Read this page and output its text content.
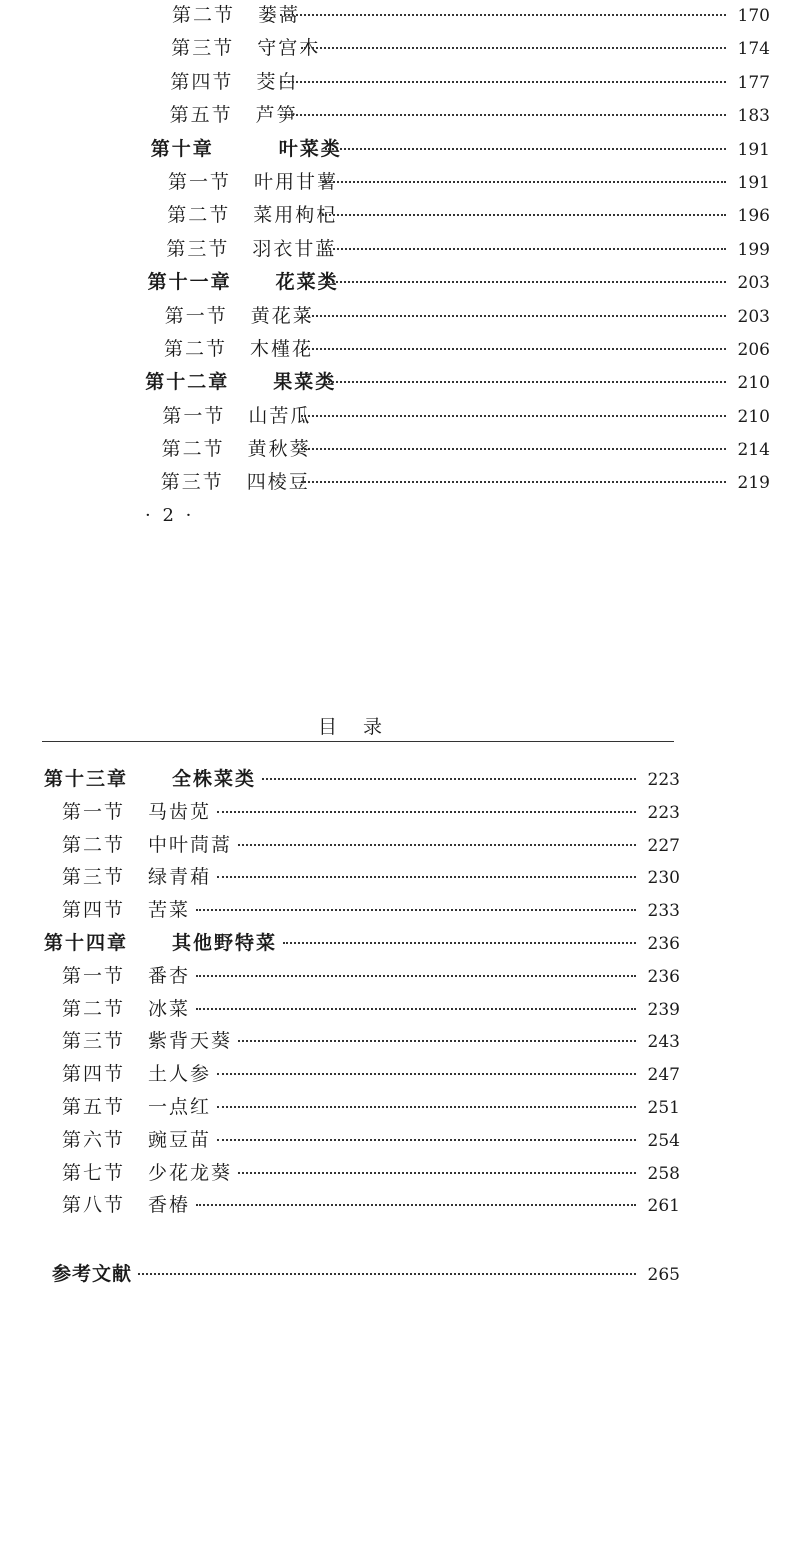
第二节 蒌蒿	170
第三节 守宫木	174
第四节 茭白	177
第五节 芦笋	183
第十章	叶菜类	191
第一节 叶用甘薯	191
第二节 菜用枸杞	196
第三节 羽衣甘蓝	199
第十一章 花菜类	203
第一节 黄花菜	203
第二节 木槿花	206
第十二章 果菜类	210
第一节 山苦瓜	210
第二节 黄秋葵	214
第三节 四棱豆	219
· 2 ·
目录
第十三章 全株菜类	223
第一节 马齿苋	223
第二节 中叶茼蒿	227
第三节 绿青葙	230
第四节 苦菜	233
第十四章 其他野特菜	236
第一节 番杏	236
第二节 冰菜	239
第三节 紫背天葵	243
第四节 土人参	247
第五节 一点红	251
第六节 豌豆苗	254
第七节 少花龙葵	258
第八节 香椿	261
参考文献	265
